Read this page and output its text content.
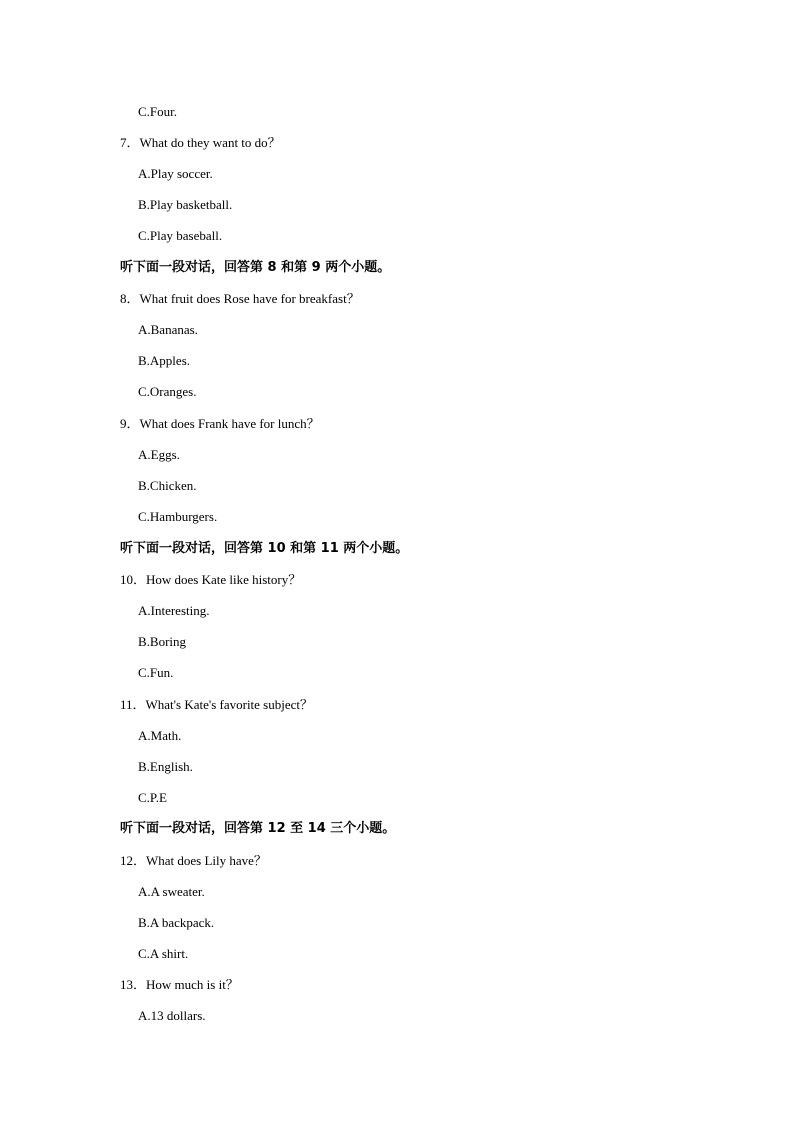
C.Four.
7．What do they want to do？
A.Play soccer.
B.Play basketball.
C.Play baseball.
听下面一段对话，回答第 8 和第 9 两个小题。
8．What fruit does Rose have for breakfast？
A.Bananas.
B.Apples.
C.Oranges.
9．What does Frank have for lunch？
A.Eggs.
B.Chicken.
C.Hamburgers.
听下面一段对话，回答第 10 和第 11 两个小题。
10．How does Kate like history？
A.Interesting.
B.Boring
C.Fun.
11．What's Kate's favorite subject？
A.Math.
B.English.
C.P.E
听下面一段对话，回答第 12 至 14 三个小题。
12．What does Lily have？
A.A sweater.
B.A backpack.
C.A shirt.
13．How much is it？
A.13 dollars.
